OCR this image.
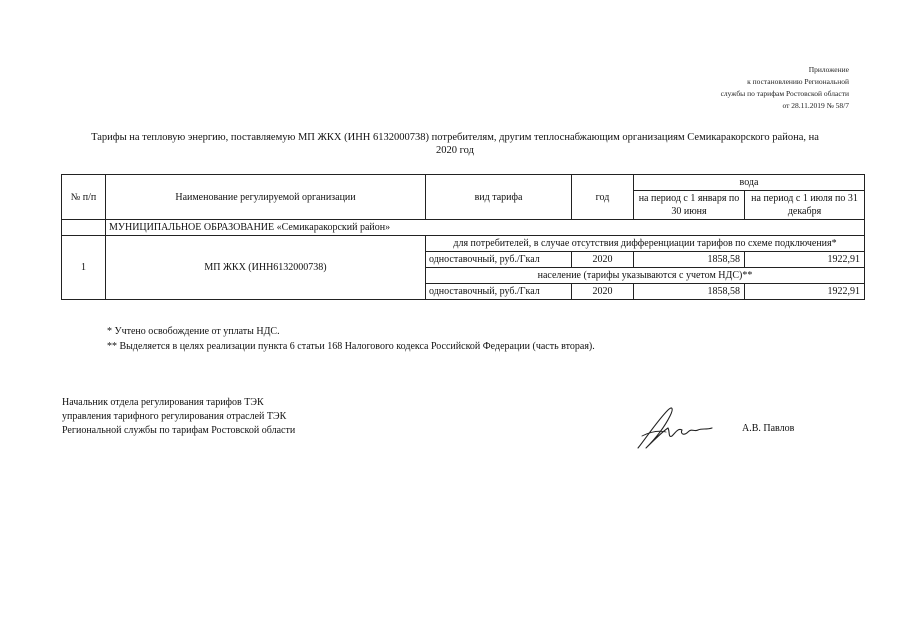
Приложение
к постановлению Региональной
службы по тарифам Ростовской области
от 28.11.2019 № 58/7
Тарифы на тепловую энергию, поставляемую МП ЖКХ (ИНН 6132000738) потребителям, другим теплоснабжающим организациям Семикаракорского района, на
2020 год
№ п/п	Наименование регулируемой организации	вид тарифа	год	вода	
				на период с 1 января по 30 июня	на период с 1 июля по 31 декабря
	МУНИЦИПАЛЬНОЕ ОБРАЗОВАНИЕ «Семикаракорский район»				
1	МП ЖКХ (ИНН6132000738)	для потребителей, в случае отсутствия дифференциации тарифов по схеме подключения*			
		одноставочный, руб./Гкал	2020	1858,58	1922,91
		население (тарифы указываются с учетом НДС)**			
		одноставочный, руб./Гкал	2020	1858,58	1922,91
* Учтено освобождение от уплаты НДС.
** Выделяется в целях реализации пункта 6 статьи 168 Налогового кодекса Российской Федерации (часть вторая).
Начальник отдела регулирования тарифов ТЭК
управления тарифного регулирования отраслей ТЭК
Региональной службы по тарифам Ростовской области	А.В. Павлов
